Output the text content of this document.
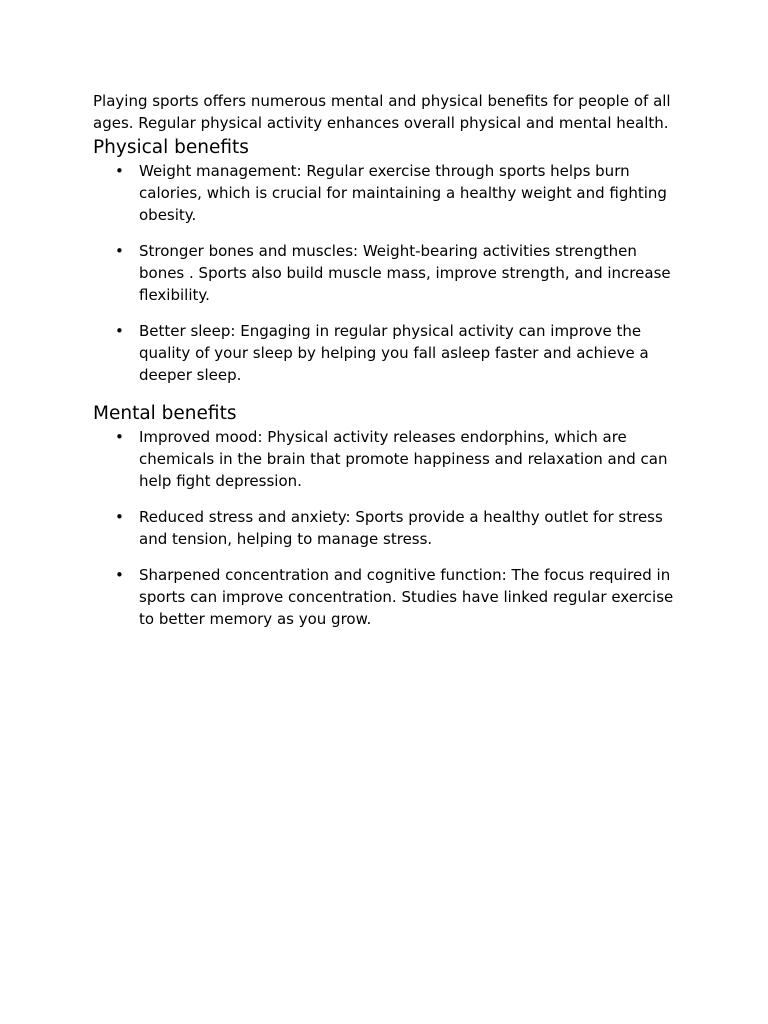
Playing sports offers numerous mental and physical benefits for people of all ages. Regular physical activity enhances overall physical and mental health.

Physical benefits
• Weight management: Regular exercise through sports helps burn calories, which is crucial for maintaining a healthy weight and fighting obesity.
• Stronger bones and muscles: Weight-bearing activities strengthen bones . Sports also build muscle mass, improve strength, and increase flexibility.
• Better sleep: Engaging in regular physical activity can improve the quality of your sleep by helping you fall asleep faster and achieve a deeper sleep.
Mental benefits
• Improved mood: Physical activity releases endorphins, which are chemicals in the brain that promote happiness and relaxation and can help fight depression.
• Reduced stress and anxiety: Sports provide a healthy outlet for stress and tension, helping to manage stress.
• Sharpened concentration and cognitive function: The focus required in sports can improve concentration. Studies have linked regular exercise to better memory as you grow.
